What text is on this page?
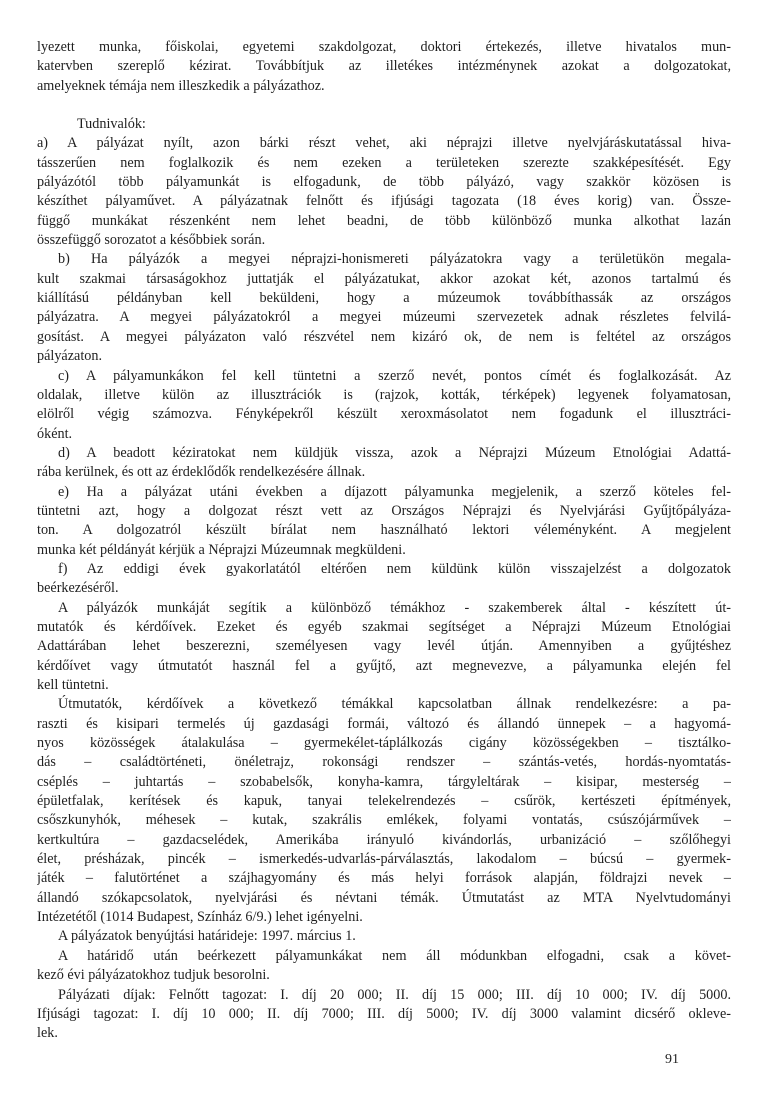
lyezett munka, főiskolai, egyetemi szakdolgozat, doktori értekezés, illetve hivatalos mun-
katervben szereplő kézirat. Továbbítjuk az illetékes intézménynek azokat a dolgozatokat,
amelyeknek témája nem illeszkedik a pályázathoz.
Tudnivalók:
a) A pályázat nyílt, azon bárki részt vehet, aki néprajzi illetve nyelvjáráskutatással hiva-
tásszerűen nem foglalkozik és nem ezeken a területeken szerezte szakképesítését. Egy
pályázótól több pályamunkát is elfogadunk, de több pályázó, vagy szakkör közösen is
készíthet pályaművet. A pályázatnak felnőtt és ifjúsági tagozata (18 éves korig) van. Össze-
függő munkákat részenként nem lehet beadni, de több különböző munka alkothat lazán
összefüggő sorozatot a későbbiek során.
b) Ha pályázók a megyei néprajzi-honismereti pályázatokra vagy a területükön megala-
kult szakmai társaságokhoz juttatják el pályázatukat, akkor azokat két, azonos tartalmú és
kiállítású példányban kell beküldeni, hogy a múzeumok továbbíthassák az országos
pályázatra. A megyei pályázatokról a megyei múzeumi szervezetek adnak részletes felvilá-
gosítást. A megyei pályázaton való részvétel nem kizáró ok, de nem is feltétel az országos
pályázaton.
c) A pályamunkákon fel kell tüntetni a szerző nevét, pontos címét és foglalkozását. Az
oldalak, illetve külön az illusztrációk is (rajzok, kották, térképek) legyenek folyamatosan,
elölről végig számozva. Fényképekről készült xeroxmásolatot nem fogadunk el illusztráci-
óként.
d) A beadott kéziratokat nem küldjük vissza, azok a Néprajzi Múzeum Etnológiai Adattá-
rába kerülnek, és ott az érdeklődők rendelkezésére állnak.
e) Ha a pályázat utáni években a díjazott pályamunka megjelenik, a szerző köteles fel-
tüntetni azt, hogy a dolgozat részt vett az Országos Néprajzi és Nyelvjárási Gyűjtőpályáza-
ton. A dolgozatról készült bírálat nem használható lektori véleményként. A megjelent
munka két példányát kérjük a Néprajzi Múzeumnak megküldeni.
f) Az eddigi évek gyakorlatától eltérően nem küldünk külön visszajelzést a dolgozatok
beérkezéséről.
A pályázók munkáját segítik a különböző témákhoz - szakemberek által - készített út-
mutatók és kérdőívek. Ezeket és egyéb szakmai segítséget a Néprajzi Múzeum Etnológiai
Adattárában lehet beszerezni, személyesen vagy levél útján. Amennyiben a gyűjtéshez
kérdőívet vagy útmutatót használ fel a gyűjtő, azt megnevezve, a pályamunka elején fel
kell tüntetni.
Útmutatók, kérdőívek a következő témákkal kapcsolatban állnak rendelkezésre: a pa-
raszti és kisipari termelés új gazdasági formái, változó és állandó ünnepek – a hagyomá-
nyos közösségek átalakulása – gyermekélet-táplálkozás cigány közösségekben – tisztálko-
dás – családtörténeti, önéletrajz, rokonsági rendszer – szántás-vetés, hordás-nyomtatás-
cséplés – juhtartás – szobabelsők, konyha-kamra, tárgyleltárak – kisipar, mesterség –
épületfalak, kerítések és kapuk, tanyai telekelrendezés – csűrök, kertészeti építmények,
csőszkunyhók, méhesek – kutak, szakrális emlékek, folyami vontatás, csúszójárművek –
kertkultúra – gazdacselédek, Amerikába irányuló kivándorlás, urbanizáció – szőlőhegyi
élet, présházak, pincék – ismerkedés-udvarlás-párválasztás, lakodalom – búcsú – gyermek-
játék – falutörténet a szájhagyomány és más helyi források alapján, földrajzi nevek –
állandó szókapcsolatok, nyelvjárási és névtani témák. Útmutatást az MTA Nyelvtudományi
Intézetétől (1014 Budapest, Színház 6/9.) lehet igényelni.
A pályázatok benyújtási határideje: 1997. március 1.
A határidő után beérkezett pályamunkákat nem áll módunkban elfogadni, csak a követ-
kező évi pályázatokhoz tudjuk besorolni.
Pályázati díjak: Felnőtt tagozat: I. díj 20 000; II. díj 15 000; III. díj 10 000; IV. díj 5000.
Ifjúsági tagozat: I. díj 10 000; II. díj 7000; III. díj 5000; IV. díj 3000 valamint dicsérő okleve-
lek.
91
